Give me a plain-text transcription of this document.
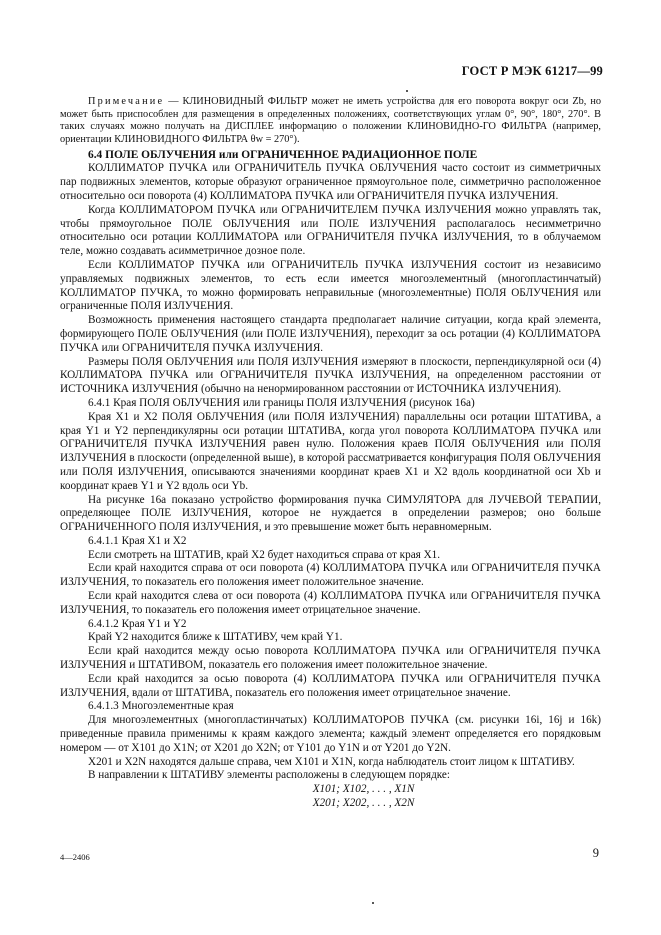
ГОСТ Р МЭК 61217—99

Примечание — КЛИНОВИДНЫЙ ФИЛЬТР может не иметь устройства для его поворота вокруг оси Zb, но может быть приспособлен для размещения в определенных положениях, соответствующих углам 0°, 90°, 180°, 270°. В таких случаях можно получать на ДИСПЛЕЕ информацию о положении КЛИНОВИДНО-ГО ФИЛЬТРА (например, ориентации КЛИНОВИДНОГО ФИЛЬТРА θw = 270°).

6.4 ПОЛЕ ОБЛУЧЕНИЯ или ОГРАНИЧЕННОЕ РАДИАЦИОННОЕ ПОЛЕ

КОЛЛИМАТОР ПУЧКА или ОГРАНИЧИТЕЛЬ ПУЧКА ОБЛУЧЕНИЯ часто состоит из симметричных пар подвижных элементов, которые образуют ограниченное прямоугольное поле, симметрично расположенное относительно оси поворота (4) КОЛЛИМАТОРА ПУЧКА или ОГРАНИЧИТЕЛЯ ПУЧКА ИЗЛУЧЕНИЯ.

Когда КОЛЛИМАТОРОМ ПУЧКА или ОГРАНИЧИТЕЛЕМ ПУЧКА ИЗЛУЧЕНИЯ можно управлять так, чтобы прямоугольное ПОЛЕ ОБЛУЧЕНИЯ или ПОЛЕ ИЗЛУЧЕНИЯ располагалось несимметрично относительно оси ротации КОЛЛИМАТОРА или ОГРАНИЧИТЕЛЯ ПУЧКА ИЗЛУЧЕНИЯ, то в облучаемом теле, можно создавать асимметричное дозное поле.

Если КОЛЛИМАТОР ПУЧКА или ОГРАНИЧИТЕЛЬ ПУЧКА ИЗЛУЧЕНИЯ состоит из независимо управляемых подвижных элементов, то есть если имеется многоэлементный (многопластинчатый) КОЛЛИМАТОР ПУЧКА, то можно формировать неправильные (многоэлементные) ПОЛЯ ОБЛУЧЕНИЯ или ограниченные ПОЛЯ ИЗЛУЧЕНИЯ.

Возможность применения настоящего стандарта предполагает наличие ситуации, когда край элемента, формирующего ПОЛЕ ОБЛУЧЕНИЯ (или ПОЛЕ ИЗЛУЧЕНИЯ), переходит за ось ротации (4) КОЛЛИМАТОРА ПУЧКА или ОГРАНИЧИТЕЛЯ ПУЧКА ИЗЛУЧЕНИЯ.

Размеры ПОЛЯ ОБЛУЧЕНИЯ или ПОЛЯ ИЗЛУЧЕНИЯ измеряют в плоскости, перпендикулярной оси (4) КОЛЛИМАТОРА ПУЧКА или ОГРАНИЧИТЕЛЯ ПУЧКА ИЗЛУЧЕНИЯ, на определенном расстоянии от ИСТОЧНИКА ИЗЛУЧЕНИЯ (обычно на ненормированном расстоянии от ИСТОЧНИКА ИЗЛУЧЕНИЯ).

6.4.1 Края ПОЛЯ ОБЛУЧЕНИЯ или границы ПОЛЯ ИЗЛУЧЕНИЯ (рисунок 16а)

Края X1 и X2 ПОЛЯ ОБЛУЧЕНИЯ (или ПОЛЯ ИЗЛУЧЕНИЯ) параллельны оси ротации ШТАТИВА, а края Y1 и Y2 перпендикулярны оси ротации ШТАТИВА, когда угол поворота КОЛЛИМАТОРА ПУЧКА или ОГРАНИЧИТЕЛЯ ПУЧКА ИЗЛУЧЕНИЯ равен нулю. Положения краев ПОЛЯ ОБЛУЧЕНИЯ или ПОЛЯ ИЗЛУЧЕНИЯ в плоскости (определенной выше), в которой рассматривается конфигурация ПОЛЯ ОБЛУЧЕНИЯ или ПОЛЯ ИЗЛУЧЕНИЯ, описываются значениями координат краев X1 и X2 вдоль координатной оси Xb и координат краев Y1 и Y2 вдоль оси Yb.

На рисунке 16а показано устройство формирования пучка СИМУЛЯТОРА для ЛУЧЕВОЙ ТЕРАПИИ, определяющее ПОЛЕ ИЗЛУЧЕНИЯ, которое не нуждается в определении размеров; оно больше ОГРАНИЧЕННОГО ПОЛЯ ИЗЛУЧЕНИЯ, и это превышение может быть неравномерным.

6.4.1.1 Края X1 и X2

Если смотреть на ШТАТИВ, край X2 будет находиться справа от края X1.

Если край находится справа от оси поворота (4) КОЛЛИМАТОРА ПУЧКА или ОГРАНИЧИТЕЛЯ ПУЧКА ИЗЛУЧЕНИЯ, то показатель его положения имеет положительное значение.

Если край находится слева от оси поворота (4) КОЛЛИМАТОРА ПУЧКА или ОГРАНИЧИТЕЛЯ ПУЧКА ИЗЛУЧЕНИЯ, то показатель его положения имеет отрицательное значение.

6.4.1.2 Края Y1 и Y2

Край Y2 находится ближе к ШТАТИВУ, чем край Y1.

Если край находится между осью поворота КОЛЛИМАТОРА ПУЧКА или ОГРАНИЧИТЕЛЯ ПУЧКА ИЗЛУЧЕНИЯ и ШТАТИВОМ, показатель его положения имеет положительное значение.

Если край находится за осью поворота (4) КОЛЛИМАТОРА ПУЧКА или ОГРАНИЧИТЕЛЯ ПУЧКА ИЗЛУЧЕНИЯ, вдали от ШТАТИВА, показатель его положения имеет отрицательное значение.

6.4.1.3 Многоэлементные края

Для многоэлементных (многопластинчатых) КОЛЛИМАТОРОВ ПУЧКА (см. рисунки 16i, 16j и 16k) приведенные правила применимы к краям каждого элемента; каждый элемент определяется его порядковым номером — от X101 до X1N; от X201 до X2N; от Y101 до Y1N и от Y201 до Y2N.

X201 и X2N находятся дальше справа, чем X101 и X1N, когда наблюдатель стоит лицом к ШТАТИВУ.

В направлении к ШТАТИВУ элементы расположены в следующем порядке:

X101; X102, . . . , X1N
X201; X202, . . . , X2N
4—2406	9
